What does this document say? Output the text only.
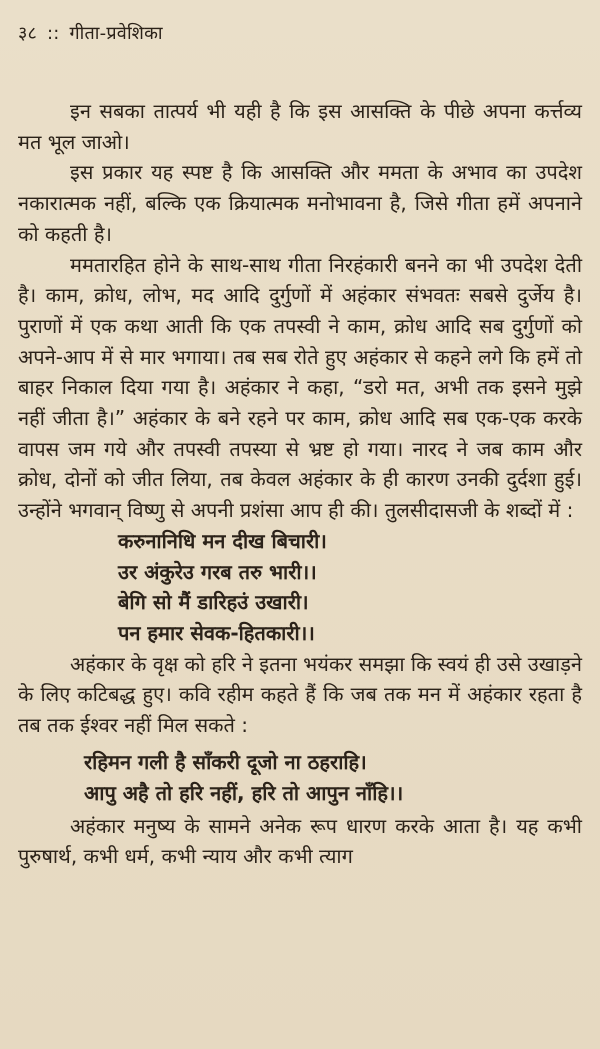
३८ :: गीता-प्रवेशिका

इन सबका तात्पर्य भी यही है कि इस आसक्ति के पीछे अपना कर्त्तव्य मत भूल जाओ।

इस प्रकार यह स्पष्ट है कि आसक्ति और ममता के अभाव का उपदेश नकारात्मक नहीं, बल्कि एक क्रियात्मक मनोभावना है, जिसे गीता हमें अपनाने को कहती है।

ममतारहित होने के साथ-साथ गीता निरहंकारी बनने का भी उपदेश देती है। काम, क्रोध, लोभ, मद आदि दुर्गुणों में अहंकार संभवतः सबसे दुर्जेय है। पुराणों में एक कथा आती कि एक तपस्वी ने काम, क्रोध आदि सब दुर्गुणों को अपने-आप में से मार भगाया। तब सब रोते हुए अहंकार से कहने लगे कि हमें तो बाहर निकाल दिया गया है। अहंकार ने कहा, “डरो मत, अभी तक इसने मुझे नहीं जीता है।” अहंकार के बने रहने पर काम, क्रोध आदि सब एक-एक करके वापस जम गये और तपस्वी तपस्या से भ्रष्ट हो गया। नारद ने जब काम और क्रोध, दोनों को जीत लिया, तब केवल अहंकार के ही कारण उनकी दुर्दशा हुई। उन्होंने भगवान् विष्णु से अपनी प्रशंसा आप ही की। तुलसीदासजी के शब्दों में :

करुनानिधि मन दीख बिचारी।
उर अंकुरेउ गरब तरु भारी।।
बेगि सो मैं डारिहउं उखारी।
पन हमार सेवक-हितकारी।।

अहंकार के वृक्ष को हरि ने इतना भयंकर समझा कि स्वयं ही उसे उखाड़ने के लिए कटिबद्ध हुए। कवि रहीम कहते हैं कि जब तक मन में अहंकार रहता है तब तक ईश्वर नहीं मिल सकते :

रहिमन गली है साँकरी दूजो ना ठहराहि।
आपु अहै तो हरि नहीं, हरि तो आपुन नाँहि।।

अहंकार मनुष्य के सामने अनेक रूप धारण करके आता है। यह कभी पुरुषार्थ, कभी धर्म, कभी न्याय और कभी त्याग
